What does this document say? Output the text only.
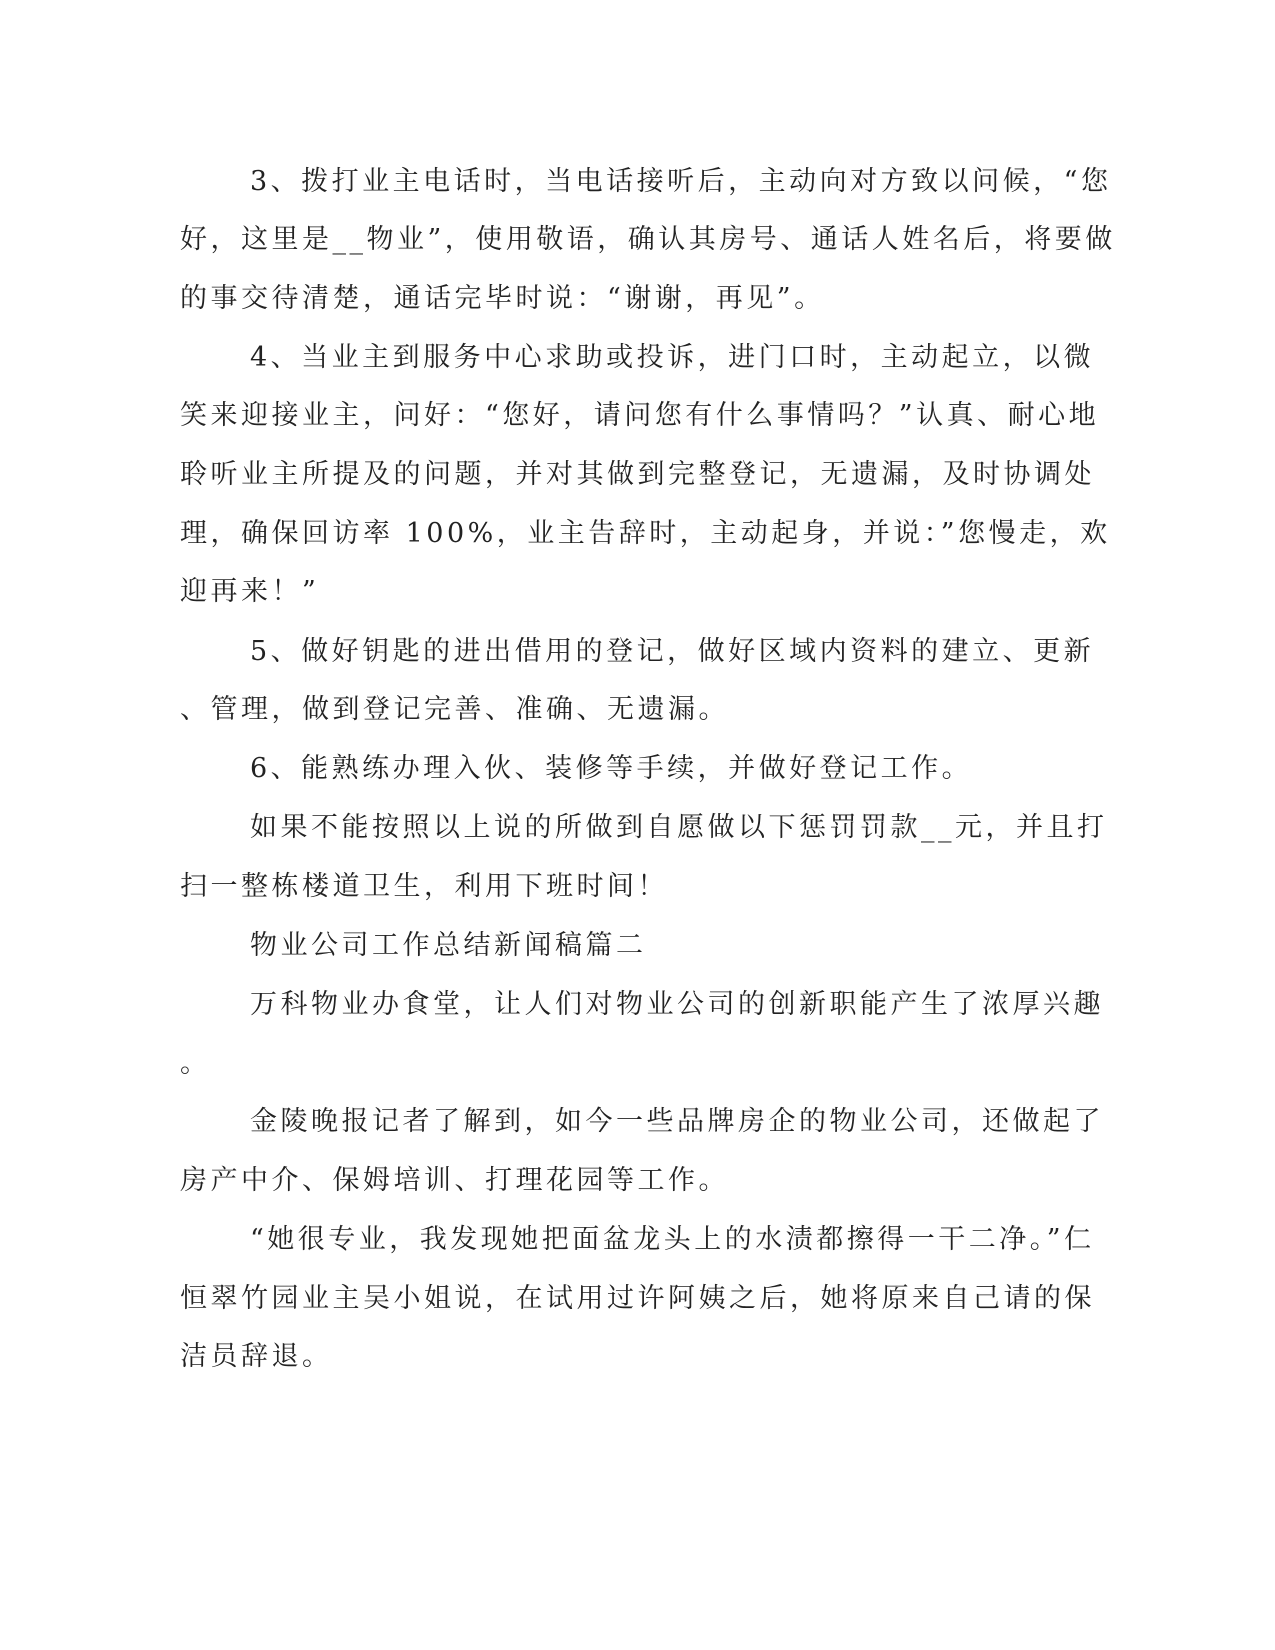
3、拨打业主电话时，当电话接听后，主动向对方致以问候，“您

好，这里是__物业”，使用敬语，确认其房号、通话人姓名后，将要做

的事交待清楚，通话完毕时说：“谢谢，再见”。

4、当业主到服务中心求助或投诉，进门口时，主动起立，以微

笑来迎接业主，问好：“您好，请问您有什么事情吗？”认真、耐心地

聆听业主所提及的问题，并对其做到完整登记，无遗漏，及时协调处

理，确保回访率 100%，业主告辞时，主动起身，并说：”您慢走，欢

迎再来！”

5、做好钥匙的进出借用的登记，做好区域内资料的建立、更新

、管理，做到登记完善、准确、无遗漏。

6、能熟练办理入伙、装修等手续，并做好登记工作。

如果不能按照以上说的所做到自愿做以下惩罚罚款__元，并且打

扫一整栋楼道卫生，利用下班时间！

物业公司工作总结新闻稿篇二

万科物业办食堂，让人们对物业公司的创新职能产生了浓厚兴趣

。

金陵晚报记者了解到，如今一些品牌房企的物业公司，还做起了

房产中介、保姆培训、打理花园等工作。

“她很专业，我发现她把面盆龙头上的水渍都擦得一干二净。”仁

恒翠竹园业主吴小姐说，在试用过许阿姨之后，她将原来自己请的保

洁员辞退。
